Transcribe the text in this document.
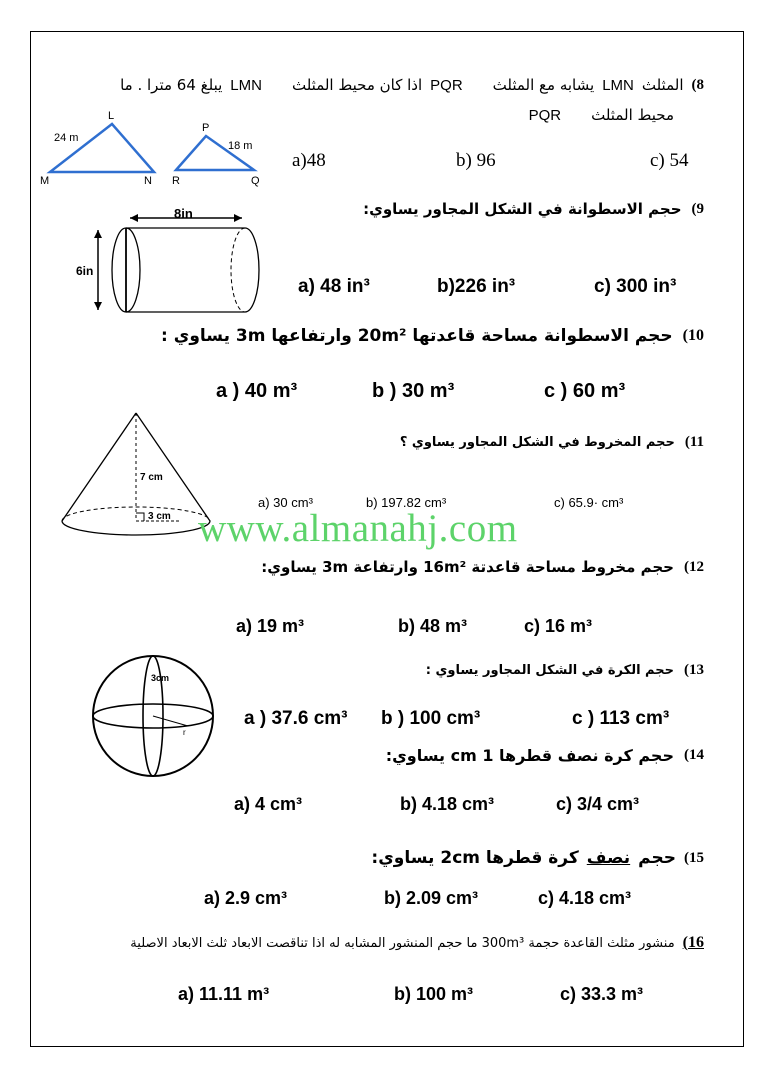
8)
المثلث
LMN
يشابه مع المثلث
PQR
اذا كان محيط المثلث
LMN
يبلغ 64 مترا . ما
محيط المثلث
PQR
L
24 m
M	N
P
18 m
R	Q
a)48	b) 96	c) 54
9)
حجم الاسطوانة في الشكل المجاور يساوي:
8in
6in
a) 48 in³	b)226 in³	c) 300 in³
10)
حجم الاسطوانة مساحة قاعدتها 20m² وارتفاعها 3m يساوي :
a ) 40 m³	b ) 30 m³	c ) 60 m³
11)
حجم المخروط في الشكل المجاور يساوي ؟
7 cm
3 cm
a) 30 cm³	b) 197.82 cm³	c) 65.9· cm³
www.almanahj.com
12)
حجم مخروط مساحة قاعدتة 16m² وارتفاعة 3m يساوي:
a) 19 m³	b) 48 m³	c) 16 m³
13)
حجم الكرة في الشكل المجاور يساوي :
3cm
r
a ) 37.6 cm³ b ) 100 cm³	c ) 113 cm³
14)
حجم كرة نصف قطرها 1 cm يساوي:
a) 4 cm³	b) 4.18 cm³	c) 3/4 cm³
15)
حجم
نصف
كرة قطرها 2cm يساوي:
a) 2.9 cm³	b) 2.09 cm³	c) 4.18 cm³
16)
منشور مثلث القاعدة حجمة 300m³ ما حجم المنشور المشابه له اذا تناقصت الابعاد ثلث الابعاد الاصلية
a) 11.11 m³	b) 100 m³	c) 33.3 m³
